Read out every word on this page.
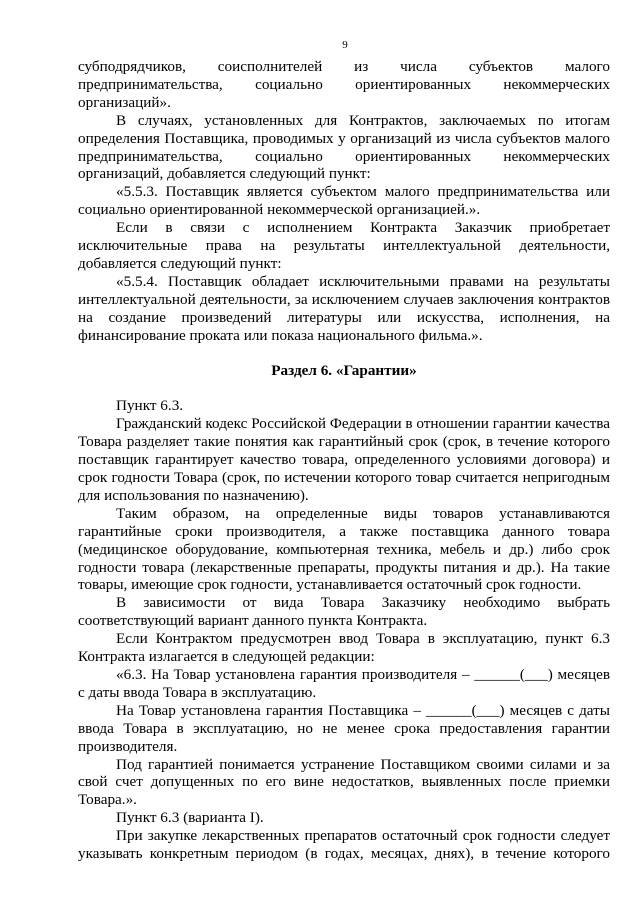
9

субподрядчиков, соисполнителей из числа субъектов малого предпринимательства, социально ориентированных некоммерческих организаций».

В случаях, установленных для Контрактов, заключаемых по итогам определения Поставщика, проводимых у организаций из числа субъектов малого предпринимательства, социально ориентированных некоммерческих организаций, добавляется следующий пункт:

«5.5.3. Поставщик является субъектом малого предпринимательства или социально ориентированной некоммерческой организацией.».

Если в связи с исполнением Контракта Заказчик приобретает исключительные права на результаты интеллектуальной деятельности, добавляется следующий пункт:

«5.5.4. Поставщик обладает исключительными правами на результаты интеллектуальной деятельности, за исключением случаев заключения контрактов на создание произведений литературы или искусства, исполнения, на финансирование проката или показа национального фильма.».

Раздел 6. «Гарантии»

Пункт 6.3.

Гражданский кодекс Российской Федерации в отношении гарантии качества Товара разделяет такие понятия как гарантийный срок (срок, в течение которого поставщик гарантирует качество товара, определенного условиями договора) и срок годности Товара (срок, по истечении которого товар считается непригодным для использования по назначению).

Таким образом, на определенные виды товаров устанавливаются гарантийные сроки производителя, а также поставщика данного товара (медицинское оборудование, компьютерная техника, мебель и др.) либо срок годности товара (лекарственные препараты, продукты питания и др.). На такие товары, имеющие срок годности, устанавливается остаточный срок годности.

В зависимости от вида Товара Заказчику необходимо выбрать соответствующий вариант данного пункта Контракта.

Если Контрактом предусмотрен ввод Товара в эксплуатацию, пункт 6.3 Контракта излагается в следующей редакции:

«6.3. На Товар установлена гарантия производителя – ______(___) месяцев с даты ввода Товара в эксплуатацию.

На Товар установлена гарантия Поставщика – ______(___) месяцев с даты ввода Товара в эксплуатацию, но не менее срока предоставления гарантии производителя.

Под гарантией понимается устранение Поставщиком своими силами и за свой счет допущенных по его вине недостатков, выявленных после приемки Товара.».

Пункт 6.3 (варианта I).

При закупке лекарственных препаратов остаточный срок годности следует указывать конкретным периодом (в годах, месяцах, днях), в течение которого
